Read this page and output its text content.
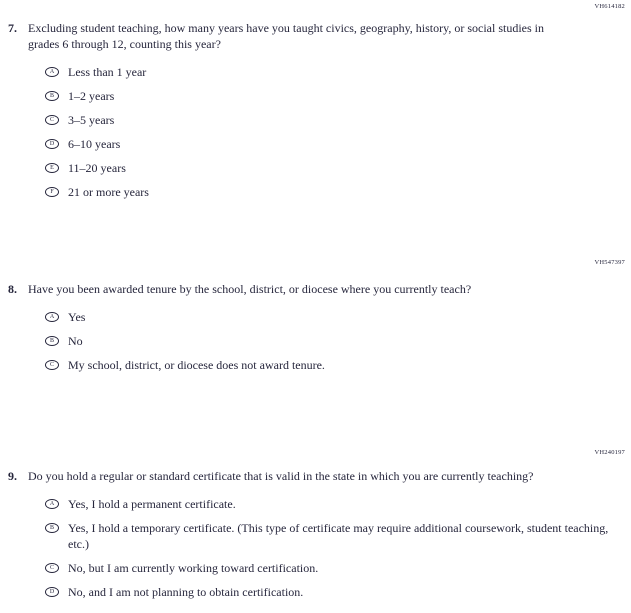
VH614182
VH547397
VH240197
7. Excluding student teaching, how many years have you taught civics, geography, history, or social studies in grades 6 through 12, counting this year?
A Less than 1 year
B 1–2 years
C 3–5 years
D 6–10 years
E 11–20 years
F 21 or more years
8. Have you been awarded tenure by the school, district, or diocese where you currently teach?
A Yes
B No
C My school, district, or diocese does not award tenure.
9. Do you hold a regular or standard certificate that is valid in the state in which you are currently teaching?
A Yes, I hold a permanent certificate.
B Yes, I hold a temporary certificate. (This type of certificate may require additional coursework, student teaching, etc.)
C No, but I am currently working toward certification.
D No, and I am not planning to obtain certification.
